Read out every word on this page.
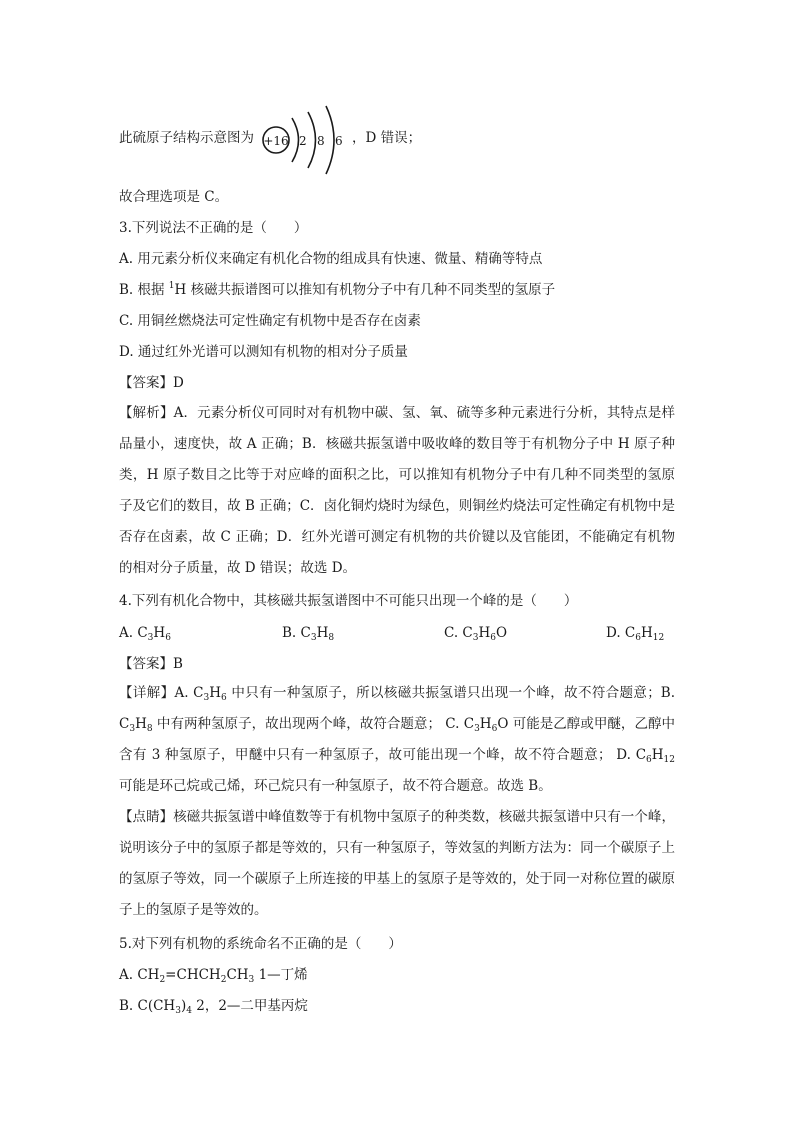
此硫原子结构示意图为 +16 2 8 6 ，D 错误；
故合理选项是 C。
3.下列说法不正确的是（　　）
A. 用元素分析仪来确定有机化合物的组成具有快速、微量、精确等特点
B. 根据 $^1$H 核磁共振谱图可以推知有机物分子中有几种不同类型的氢原子
C. 用铜丝燃烧法可定性确定有机物中是否存在卤素
D. 通过红外光谱可以测知有机物的相对分子质量
【答案】D
【解析】A．元素分析仪可同时对有机物中碳、氢、氧、硫等多种元素进行分析，其特点是样品量小，速度快，故 A 正确；B．核磁共振氢谱中吸收峰的数目等于有机物分子中 H 原子种类，H 原子数目之比等于对应峰的面积之比，可以推知有机物分子中有几种不同类型的氢原子及它们的数目，故 B 正确；C．卤化铜灼烧时为绿色，则铜丝灼烧法可定性确定有机物中是否存在卤素，故 C 正确；D．红外光谱可测定有机物的共价键以及官能团，不能确定有机物的相对分子质量，故 D 错误；故选 D。
4.下列有机化合物中，其核磁共振氢谱图中不可能只出现一个峰的是（　　）
A. $C_3H_6$	B. $C_3H_8$	C. $C_3H_6O$	D. $C_6H_{12}$
【答案】B
【详解】A. $C_3H_6$ 中只有一种氢原子，所以核磁共振氢谱只出现一个峰，故不符合题意；B. $C_3H_8$ 中有两种氢原子，故出现两个峰，故符合题意； C. $C_3H_6O$ 可能是乙醇或甲醚，乙醇中含有 3 种氢原子，甲醚中只有一种氢原子，故可能出现一个峰，故不符合题意； D. $C_6H_{12}$ 可能是环己烷或己烯，环己烷只有一种氢原子，故不符合题意。故选 B。
【点睛】核磁共振氢谱中峰值数等于有机物中氢原子的种类数，核磁共振氢谱中只有一个峰，说明该分子中的氢原子都是等效的，只有一种氢原子，等效氢的判断方法为：同一个碳原子上的氢原子等效，同一个碳原子上所连接的甲基上的氢原子是等效的，处于同一对称位置的碳原子上的氢原子是等效的。
5.对下列有机物的系统命名不正确的是（　　）
A. $CH_2=CHCH_2CH_3$ 1—丁烯
B. $C(CH_3)_4$ 2，2—二甲基丙烷
